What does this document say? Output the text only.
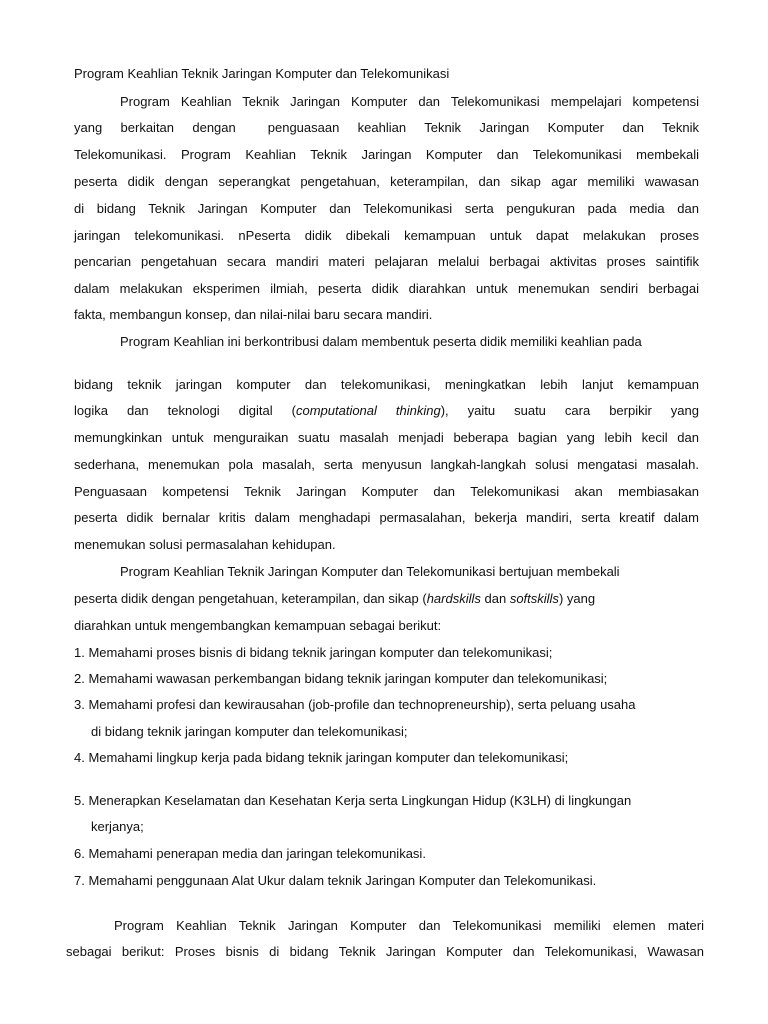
Program Keahlian Teknik Jaringan Komputer dan Telekomunikasi
Program Keahlian Teknik Jaringan Komputer dan Telekomunikasi mempelajari kompetensi
yang berkaitan dengan penguasaan keahlian Teknik Jaringan Komputer dan Teknik
Telekomunikasi. Program Keahlian Teknik Jaringan Komputer dan Telekomunikasi membekali
peserta didik dengan seperangkat pengetahuan, keterampilan, dan sikap agar memiliki wawasan
di bidang Teknik Jaringan Komputer dan Telekomunikasi serta pengukuran pada media dan
jaringan telekomunikasi. nPeserta didik dibekali kemampuan untuk dapat melakukan proses
pencarian pengetahuan secara mandiri materi pelajaran melalui berbagai aktivitas proses saintifik
dalam melakukan eksperimen ilmiah, peserta didik diarahkan untuk menemukan sendiri berbagai
fakta, membangun konsep, dan nilai-nilai baru secara mandiri.
Program Keahlian ini berkontribusi dalam membentuk peserta didik memiliki keahlian pada
bidang teknik jaringan komputer dan telekomunikasi, meningkatkan lebih lanjut kemampuan
logika dan teknologi digital (computational thinking), yaitu suatu cara berpikir yang
memungkinkan untuk menguraikan suatu masalah menjadi beberapa bagian yang lebih kecil dan
sederhana, menemukan pola masalah, serta menyusun langkah-langkah solusi mengatasi masalah.
Penguasaan kompetensi Teknik Jaringan Komputer dan Telekomunikasi akan membiasakan
peserta didik bernalar kritis dalam menghadapi permasalahan, bekerja mandiri, serta kreatif dalam
menemukan solusi permasalahan kehidupan.
Program Keahlian Teknik Jaringan Komputer dan Telekomunikasi bertujuan membekali
peserta didik dengan pengetahuan, keterampilan, dan sikap (hardskills dan softskills) yang
diarahkan untuk mengembangkan kemampuan sebagai berikut:
1. Memahami proses bisnis di bidang teknik jaringan komputer dan telekomunikasi;
2. Memahami wawasan perkembangan bidang teknik jaringan komputer dan telekomunikasi;
3. Memahami profesi dan kewirausahan (job-profile dan technopreneurship), serta peluang usaha
di bidang teknik jaringan komputer dan telekomunikasi;
4. Memahami lingkup kerja pada bidang teknik jaringan komputer dan telekomunikasi;
5. Menerapkan Keselamatan dan Kesehatan Kerja serta Lingkungan Hidup (K3LH) di lingkungan
kerjanya;
6. Memahami penerapan media dan jaringan telekomunikasi.
7. Memahami penggunaan Alat Ukur dalam teknik Jaringan Komputer dan Telekomunikasi.
Program Keahlian Teknik Jaringan Komputer dan Telekomunikasi memiliki elemen materi
sebagai berikut: Proses bisnis di bidang Teknik Jaringan Komputer dan Telekomunikasi, Wawasan
